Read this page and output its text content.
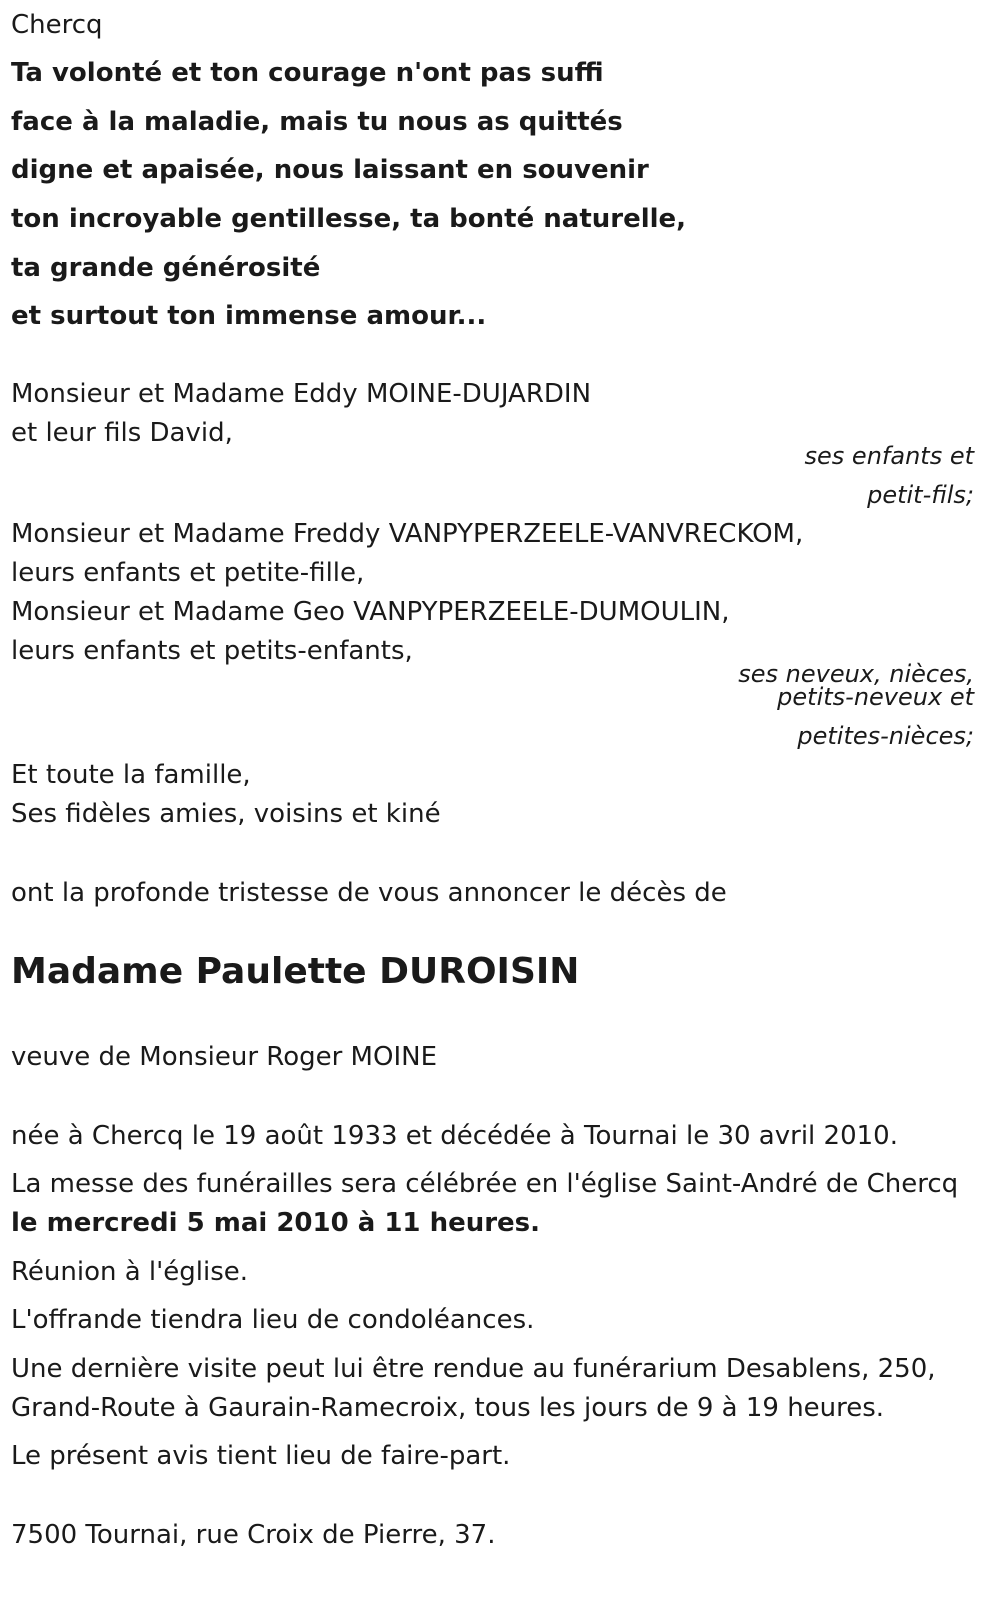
Chercq
Ta volonté et ton courage n'ont pas suffi
face à la maladie, mais tu nous as quittés
digne et apaisée, nous laissant en souvenir
ton incroyable gentillesse, ta bonté naturelle,
ta grande générosité
et surtout ton immense amour...
Monsieur et Madame Eddy MOINE-DUJARDIN
et leur fils David,
ses enfants et
petit-fils;
Monsieur et Madame Freddy VANPYPERZEELE-VANVRECKOM,
leurs enfants et petite-fille,
Monsieur et Madame Geo VANPYPERZEELE-DUMOULIN,
leurs enfants et petits-enfants,
ses neveux, nièces,
petits-neveux et
petites-nièces;
Et toute la famille,
Ses fidèles amies, voisins et kiné
ont la profonde tristesse de vous annoncer le décès de
Madame Paulette DUROISIN
veuve de Monsieur Roger MOINE
née à Chercq le 19 août 1933 et décédée à Tournai le 30 avril 2010.
La messe des funérailles sera célébrée en l'église Saint-André de Chercq
le mercredi 5 mai 2010 à 11 heures.
Réunion à l'église.
L'offrande tiendra lieu de condoléances.
Une dernière visite peut lui être rendue au funérarium Desablens, 250,
Grand-Route à Gaurain-Ramecroix, tous les jours de 9 à 19 heures.
Le présent avis tient lieu de faire-part.
7500 Tournai, rue Croix de Pierre, 37.
